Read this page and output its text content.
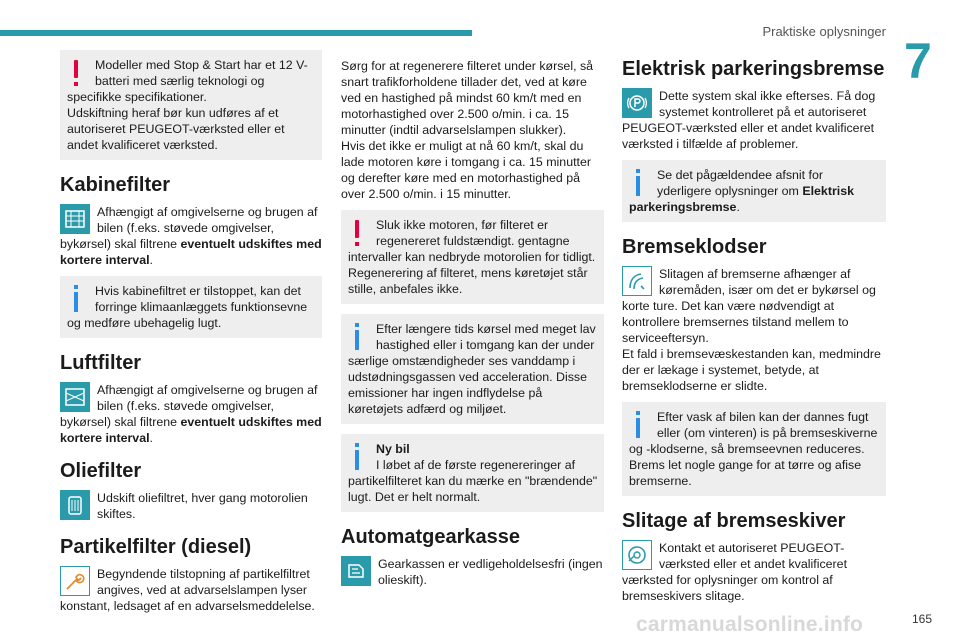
Praktiske oplysninger
7

Modeller med Stop & Start har et 12 V-batteri med særlig teknologi og specifikke specifikationer.
Udskiftning heraf bør kun udføres af et autoriseret PEUGEOT-værksted eller et andet kvalificeret værksted.

Kabinefilter
Afhængigt af omgivelserne og brugen af bilen (f.eks. støvede omgivelser, bykørsel) skal filtrene eventuelt udskiftes med kortere interval.

Hvis kabinefiltret er tilstoppet, kan det forringe klimaanlæggets funktionsevne og medføre ubehagelig lugt.

Luftfilter
Afhængigt af omgivelserne og brugen af bilen (f.eks. støvede omgivelser, bykørsel) skal filtrene eventuelt udskiftes med kortere interval.
Oliefilter
Udskift oliefiltret, hver gang motorolien skiftes.
Partikelfilter (diesel)
Begyndende tilstopning af partikelfiltret angives, ved at advarselslampen lyser konstant, ledsaget af en advarselsmeddelelse.

Sørg for at regenerere filteret under kørsel, så snart trafikforholdene tillader det, ved at køre ved en hastighed på mindst 60 km/t med en motorhastighed over 2.500 o/min. i ca. 15 minutter (indtil advarselslampen slukker).
Hvis det ikke er muligt at nå 60 km/t, skal du lade motoren køre i tomgang i ca. 15 minutter og derefter køre med en motorhastighed på over 2.500 o/min. i 15 minutter.

Sluk ikke motoren, før filteret er regenereret fuldstændigt. gentagne intervaller kan nedbryde motorolien for tidligt. Regenerering af filteret, mens køretøjet står stille, anbefales ikke.

Efter længere tids kørsel med meget lav hastighed eller i tomgang kan der under særlige omstændigheder ses vanddamp i udstødningsgassen ved acceleration. Disse emissioner har ingen indflydelse på køretøjets adfærd og miljøet.

Ny bil
I løbet af de første regenereringer af partikelfilteret kan du mærke en "brændende" lugt. Det er helt normalt.

Automatgearkasse
Gearkassen er vedligeholdelsesfri (ingen olieskift).
Elektrisk parkeringsbremse
Dette system skal ikke efterses. Få dog systemet kontrolleret på et autoriseret PEUGEOT-værksted eller et andet kvalificeret værksted i tilfælde af problemer.

Se det pågældendee afsnit for yderligere oplysninger om Elektrisk parkeringsbremse.

Bremseklodser
Slitagen af bremserne afhænger af køremåden, især om det er bykørsel og korte ture. Det kan være nødvendigt at kontrollere bremsernes tilstand mellem to serviceeftersyn.
Et fald i bremsevæskestanden kan, medmindre der er lækage i systemet, betyde, at bremseklodserne er slidte.

Efter vask af bilen kan der dannes fugt eller (om vinteren) is på bremseskiverne og -klodserne, så bremseevnen reduceres. Brems let nogle gange for at tørre og afise bremserne.

Slitage af bremseskiver
Kontakt et autoriseret PEUGEOT-værksted eller et andet kvalificeret værksted for oplysninger om kontrol af bremseskivers slitage.
carmanualsonline.info	165
